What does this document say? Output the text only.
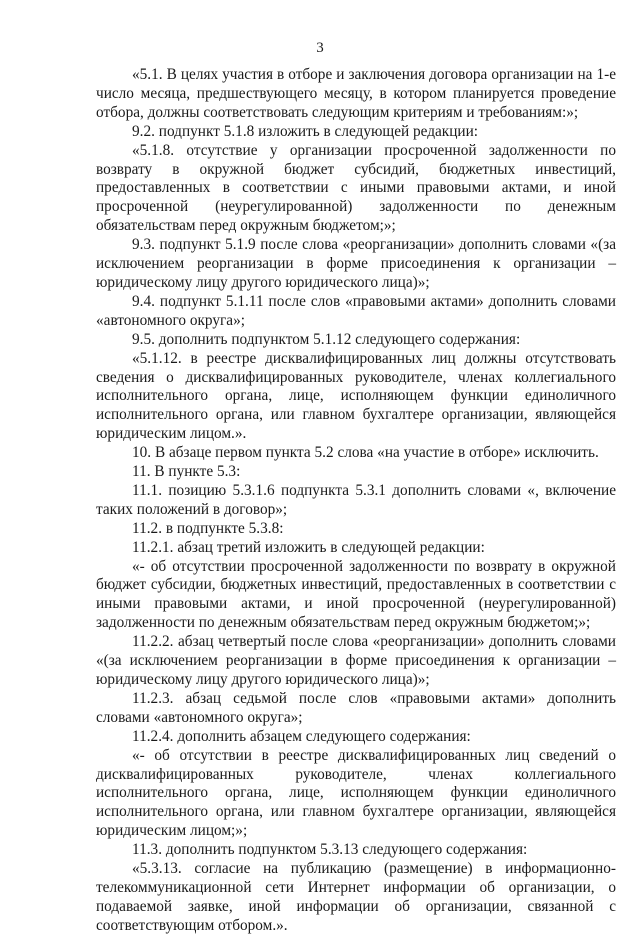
3

«5.1. В целях участия в отборе и заключения договора организации на 1-е число месяца, предшествующего месяцу, в котором планируется проведение отбора, должны соответствовать следующим критериям и требованиям:»;

9.2. подпункт 5.1.8 изложить в следующей редакции:

«5.1.8. отсутствие у организации просроченной задолженности по возврату в окружной бюджет субсидий, бюджетных инвестиций, предоставленных в соответствии с иными правовыми актами, и иной просроченной (неурегулированной) задолженности по денежным обязательствам перед окружным бюджетом;»;

9.3. подпункт 5.1.9 после слова «реорганизации» дополнить словами «(за исключением реорганизации в форме присоединения к организации – юридическому лицу другого юридического лица)»;

9.4. подпункт 5.1.11 после слов «правовыми актами» дополнить словами «автономного округа»;

9.5. дополнить подпунктом 5.1.12 следующего содержания:

«5.1.12. в реестре дисквалифицированных лиц должны отсутствовать сведения о дисквалифицированных руководителе, членах коллегиального исполнительного органа, лице, исполняющем функции единоличного исполнительного органа, или главном бухгалтере организации, являющейся юридическим лицом.».

10. В абзаце первом пункта 5.2 слова «на участие в отборе» исключить.

11. В пункте 5.3:

11.1. позицию 5.3.1.6 подпункта 5.3.1 дополнить словами «, включение таких положений в договор»;

11.2. в подпункте 5.3.8:

11.2.1. абзац третий изложить в следующей редакции:

«- об отсутствии просроченной задолженности по возврату в окружной бюджет субсидии, бюджетных инвестиций, предоставленных в соответствии с иными правовыми актами, и иной просроченной (неурегулированной) задолженности по денежным обязательствам перед окружным бюджетом;»;

11.2.2. абзац четвертый после слова «реорганизации» дополнить словами «(за исключением реорганизации в форме присоединения к организации – юридическому лицу другого юридического лица)»;

11.2.3. абзац седьмой после слов «правовыми актами» дополнить словами «автономного округа»;

11.2.4. дополнить абзацем следующего содержания:

«- об отсутствии в реестре дисквалифицированных лиц сведений о дисквалифицированных руководителе, членах коллегиального исполнительного органа, лице, исполняющем функции единоличного исполнительного органа, или главном бухгалтере организации, являющейся юридическим лицом;»;

11.3. дополнить подпунктом 5.3.13 следующего содержания:

«5.3.13. согласие на публикацию (размещение) в информационно-телекоммуникационной сети Интернет информации об организации, о подаваемой заявке, иной информации об организации, связанной с соответствующим отбором.».
